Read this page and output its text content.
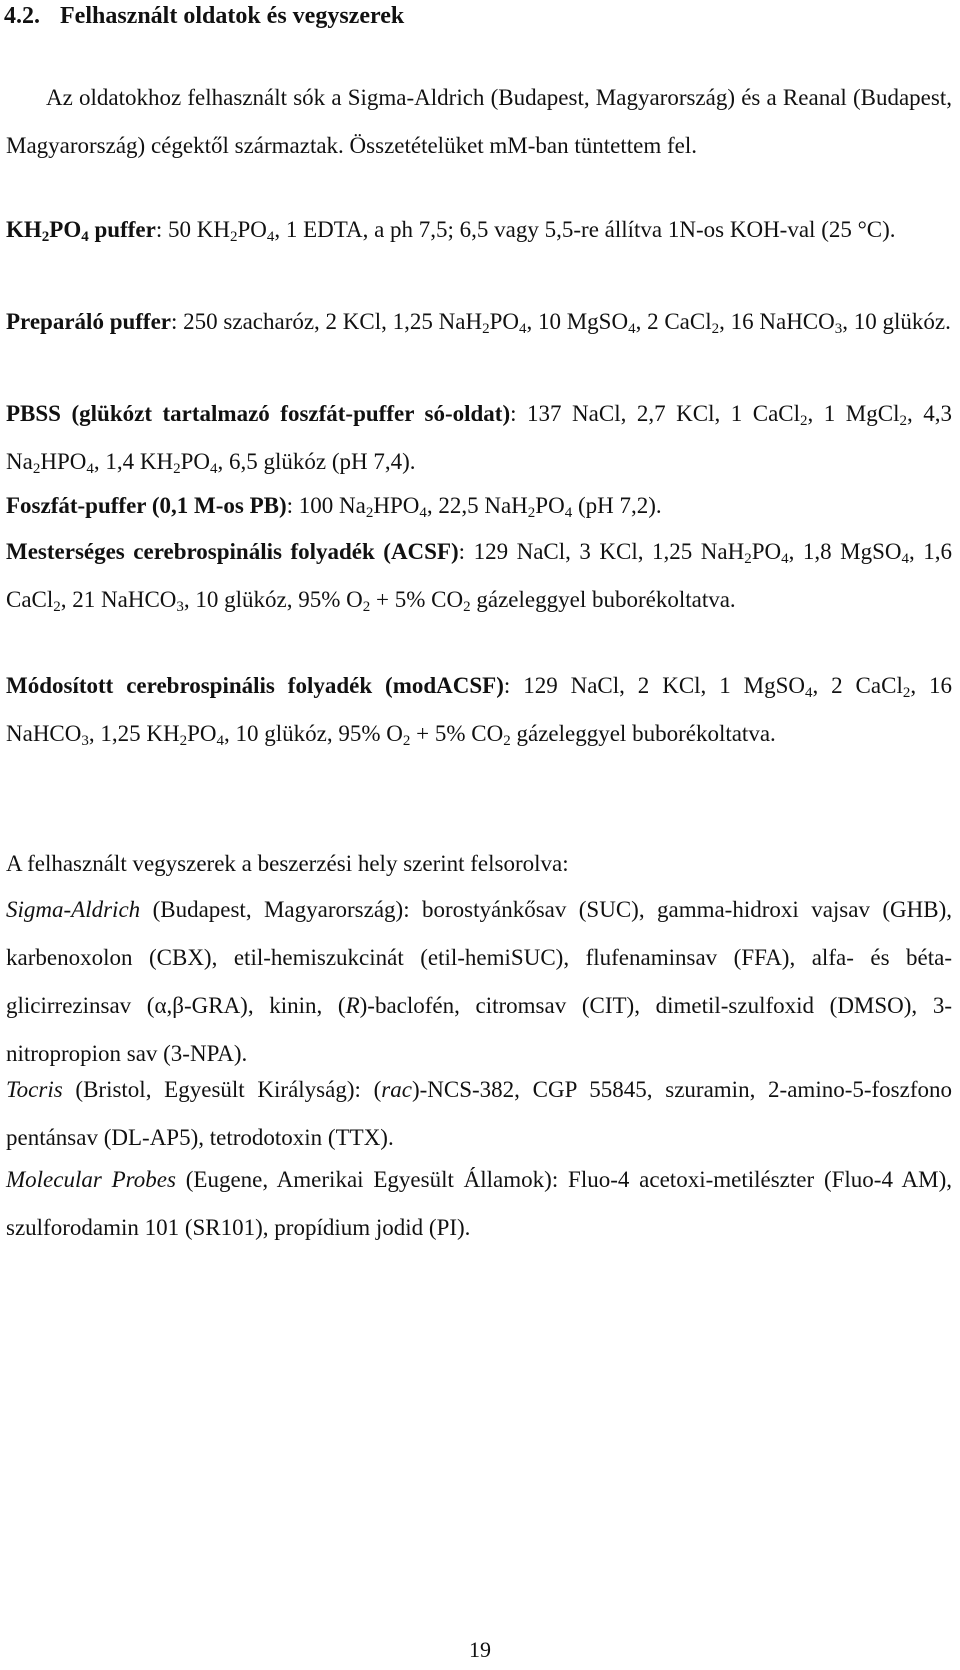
4.2. Felhasznált oldatok és vegyszerek

Az oldatokhoz felhasznált sók a Sigma-Aldrich (Budapest, Magyarország) és a Reanal (Budapest, Magyarország) cégektől származtak. Összetételüket mM-ban tüntettem fel.

$KH_2PO_4$ puffer: 50 $KH_2PO_4$, 1 EDTA, a ph 7,5; 6,5 vagy 5,5-re állítva 1N-os KOH-val (25 °C).

Preparáló puffer: 250 szacharóz, 2 KCl, 1,25 $NaH_2PO_4$, 10 MgSO$_4$, 2 CaCl$_2$, 16 NaHCO$_3$, 10 glükóz.

PBSS (glükózt tartalmazó foszfát-puffer só-oldat): 137 NaCl, 2,7 KCl, 1 CaCl$_2$, 1 MgCl$_2$, 4,3 $Na_2HPO_4$, 1,4 $KH_2PO_4$, 6,5 glükóz (pH 7,4).

Foszfát-puffer (0,1 M-os PB): 100 $Na_2HPO_4$, 22,5 $NaH_2PO_4$ (pH 7,2).

Mesterséges cerebrospinális folyadék (ACSF): 129 NaCl, 3 KCl, 1,25 $NaH_2PO_4$, 1,8 MgSO$_4$, 1,6 CaCl$_2$, 21 NaHCO$_3$, 10 glükóz, 95% $O_2 + 5\%$ $CO_2$ gázeleggyel buborékoltatva.

Módosított cerebrospinális folyadék (modACSF): 129 NaCl, 2 KCl, 1 MgSO$_4$, 2 CaCl$_2$, 16 NaHCO$_3$, 1,25 $KH_2PO_4$, 10 glükóz, 95% $O_2 + 5\%$ $CO_2$ gázeleggyel buborékoltatva.

A felhasznált vegyszerek a beszerzési hely szerint felsorolva:

Sigma-Aldrich (Budapest, Magyarország): borostyánkősav (SUC), gamma-hidroxi vajsav (GHB), karbenoxolon (CBX), etil-hemiszukcinát (etil-hemiSUC), flufenaminsav (FFA), alfa- és béta-glicirrezinsav (α,β-GRA), kinin, (R)-baclofén, citromsav (CIT), dimetil-szulfoxid (DMSO), 3-nitropropion sav (3-NPA).

Tocris (Bristol, Egyesült Királyság): (rac)-NCS-382, CGP 55845, szuramin, 2-amino-5-foszfono pentánsav (DL-AP5), tetrodotoxin (TTX).

Molecular Probes (Eugene, Amerikai Egyesült Államok): Fluo-4 acetoxi-metilészter (Fluo-4 AM), szulforodamin 101 (SR101), propídium jodid (PI).

19
